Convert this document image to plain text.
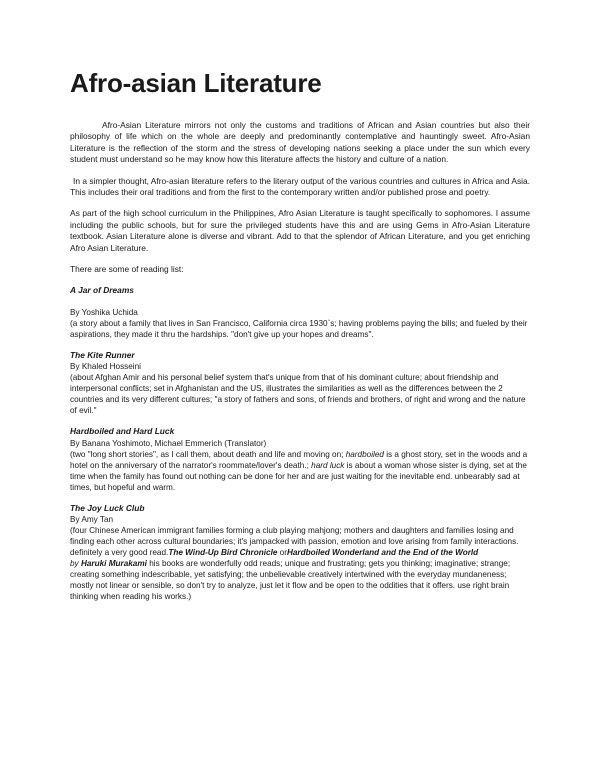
Afro-asian Literature

Afro-Asian Literature mirrors not only the customs and traditions of African and Asian countries but also their philosophy of life which on the whole are deeply and predominantly contemplative and hauntingly sweet. Afro-Asian Literature is the reflection of the storm and the stress of developing nations seeking a place under the sun which every student must understand so he may know how this literature affects the history and culture of a nation.

In a simpler thought, Afro-asian literature refers to the literary output of the various countries and cultures in Africa and Asia. This includes their oral traditions and from the first to the contemporary written and/or published prose and poetry.

As part of the high school curriculum in the Philippines, Afro Asian Literature is taught specifically to sophomores. I assume including the public schools, but for sure the privileged students have this and are using Gems in Afro-Asian Literature textbook. Asian Literature alone is diverse and vibrant. Add to that the splendor of African Literature, and you get enriching Afro Asian Literature.

There are some of reading list:

A Jar of Dreams

By Yoshika Uchida

(a story about a family that lives in San Francisco, California circa 1930`s; having problems paying the bills; and fueled by their aspirations, they made it thru the hardships. "don't give up your hopes and dreams".

The Kite Runner

By Khaled Hosseini

(about Afghan Amir and his personal belief system that's unique from that of his dominant culture; about friendship and interpersonal conflicts; set in Afghanistan and the US, illustrates the similarities as well as the differences between the 2 countries and its very different cultures; "a story of fathers and sons, of friends and brothers, of right and wrong and the nature of evil."

Hardboiled and Hard Luck

By Banana Yoshimoto, Michael Emmerich (Translator)

(two "long short stories", as I call them, about death and life and moving on; hardboiled is a ghost story, set in the woods and a hotel on the anniversary of the narrator's roommate/lover's death.; hard luck is about a woman whose sister is dying, set at the time when the family has found out nothing can be done for her and are just waiting for the inevitable end. unbearably sad at times, but hopeful and warm.

The Joy Luck Club

By Amy Tan

(four Chinese American immigrant families forming a club playing mahjong; mothers and daughters and families losing and finding each other across cultural boundaries; it's jampacked with passion, emotion and love arising from family interactions. definitely a very good read.The Wind-Up Bird Chronicle orHardboiled Wonderland and the End of the World
by Haruki Murakami his books are wonderfully odd reads; unique and frustrating; gets you thinking; imaginative; strange; creating something indescribable, yet satisfying; the unbelievable creatively intertwined with the everyday mundaneness; mostly not linear or sensible, so don't try to analyze, just let it flow and be open to the oddities that it offers. use right brain thinking when reading his works.)
